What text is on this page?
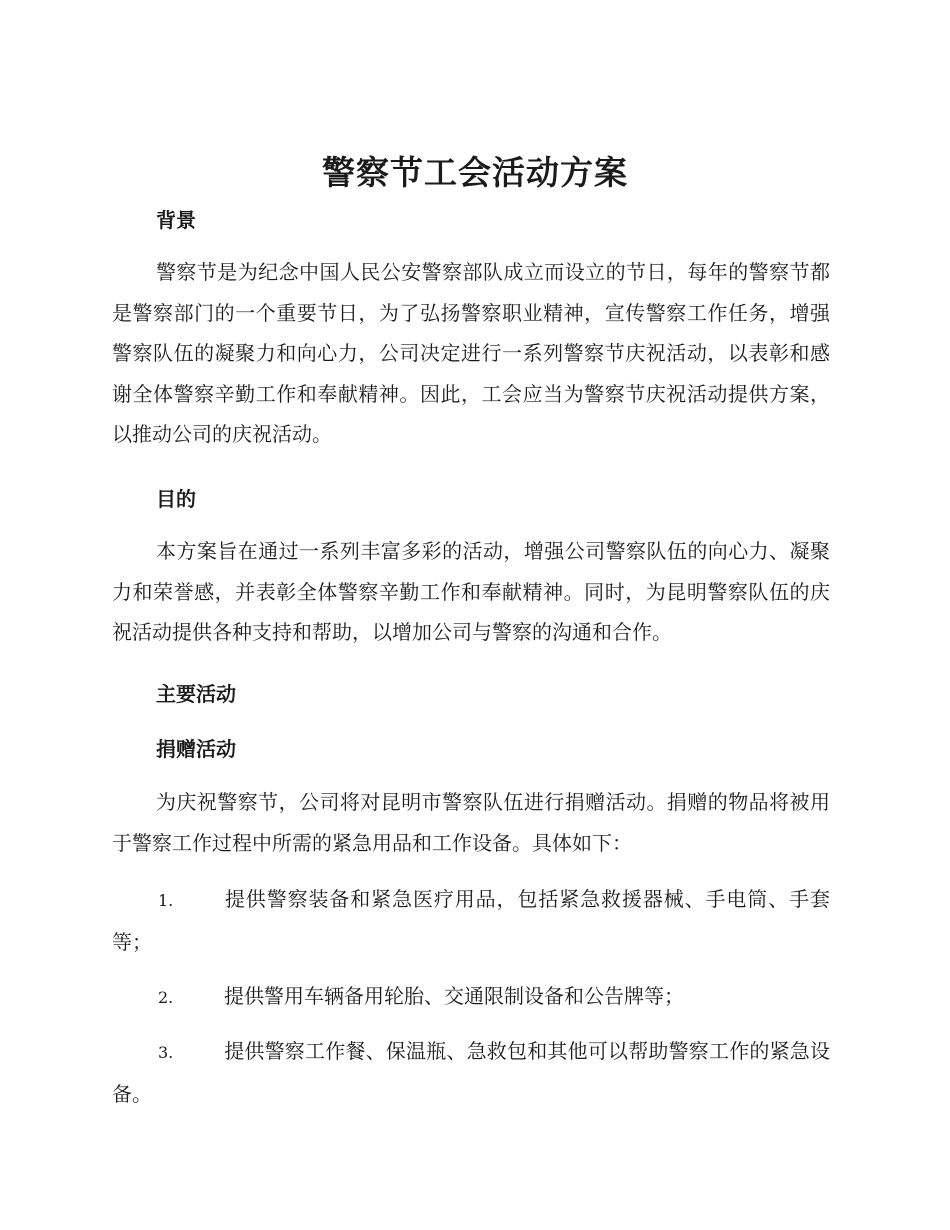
警察节工会活动方案
背景

警察节是为纪念中国人民公安警察部队成立而设立的节日，每年的警察节都是警察部门的一个重要节日，为了弘扬警察职业精神，宣传警察工作任务，增强警察队伍的凝聚力和向心力，公司决定进行一系列警察节庆祝活动，以表彰和感谢全体警察辛勤工作和奉献精神。因此，工会应当为警察节庆祝活动提供方案，以推动公司的庆祝活动。

目的

本方案旨在通过一系列丰富多彩的活动，增强公司警察队伍的向心力、凝聚力和荣誉感，并表彰全体警察辛勤工作和奉献精神。同时，为昆明警察队伍的庆祝活动提供各种支持和帮助，以增加公司与警察的沟通和合作。

主要活动
捐赠活动

为庆祝警察节，公司将对昆明市警察队伍进行捐赠活动。捐赠的物品将被用于警察工作过程中所需的紧急用品和工作设备。具体如下：

1.	提供警察装备和紧急医疗用品，包括紧急救援器械、手电筒、手套等；

2.	提供警用车辆备用轮胎、交通限制设备和公告牌等；

3.	提供警察工作餐、保温瓶、急救包和其他可以帮助警察工作的紧急设备。
